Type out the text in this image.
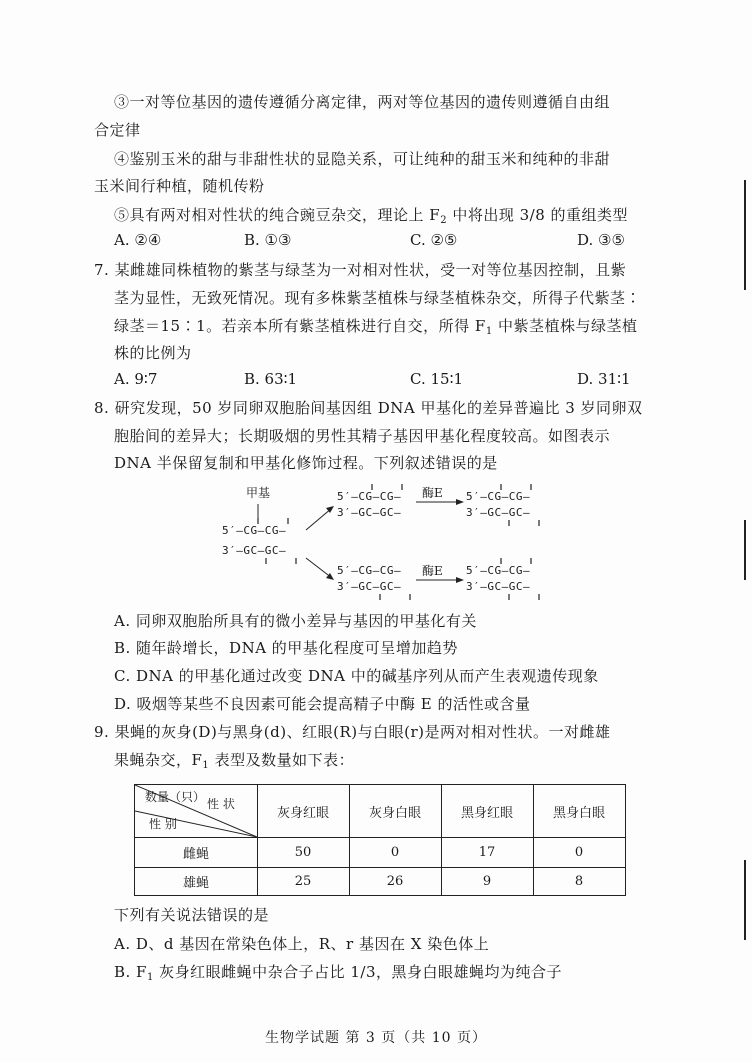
③一对等位基因的遗传遵循分离定律，两对等位基因的遗传则遵循自由组
合定律
④鉴别玉米的甜与非甜性状的显隐关系，可让纯种的甜玉米和纯种的非甜
玉米间行种植，随机传粉
⑤具有两对相对性状的纯合豌豆杂交，理论上 $F_2$ 中将出现 3/8 的重组类型
A. ②④	B. ①③	C. ②⑤	D. ③⑤
7. 某雌雄同株植物的紫茎与绿茎为一对相对性状，受一对等位基因控制，且紫
茎为显性，无致死情况。现有多株紫茎植株与绿茎植株杂交，所得子代紫茎∶
绿茎＝15∶1。若亲本所有紫茎植株进行自交，所得 $F_1$ 中紫茎植株与绿茎植
株的比例为
A. 9∶7	B. 63∶1	C. 15∶1	D. 31∶1
8. 研究发现，50 岁同卵双胞胎间基因组 DNA 甲基化的差异普遍比 3 岁同卵双
胞胎间的差异大；长期吸烟的男性其精子基因甲基化程度较高。如图表示
DNA 半保留复制和甲基化修饰过程。下列叙述错误的是
甲基
5′–CG–CG–
3′–GC–GC–
5′–CG–CG–
3′–GC–GC–
5′–CG–CG–
3′–GC–GC–
酶E
酶E
5′–CG–CG–
3′–GC–GC–
5′–CG–CG–
3′–GC–GC–
A. 同卵双胞胎所具有的微小差异与基因的甲基化有关
B. 随年龄增长，DNA 的甲基化程度可呈增加趋势
C. DNA 的甲基化通过改变 DNA 中的碱基序列从而产生表观遗传现象
D. 吸烟等某些不良因素可能会提高精子中酶 E 的活性或含量
9. 果蝇的灰身(D)与黑身(d)、红眼(R)与白眼(r)是两对相对性状。一对雌雄
果蝇杂交，$F_1$ 表型及数量如下表：
数量（只） 性 状
性 别
灰身红眼	灰身白眼	黑身红眼	黑身白眼
雌蝇	50	0	17	0
雄蝇	25	26	9	8
下列有关说法错误的是
A. D、d 基因在常染色体上，R、r 基因在 X 染色体上
B. $F_1$ 灰身红眼雌蝇中杂合子占比 1/3，黑身白眼雄蝇均为纯合子
生物学试题 第 3 页（共 10 页）
